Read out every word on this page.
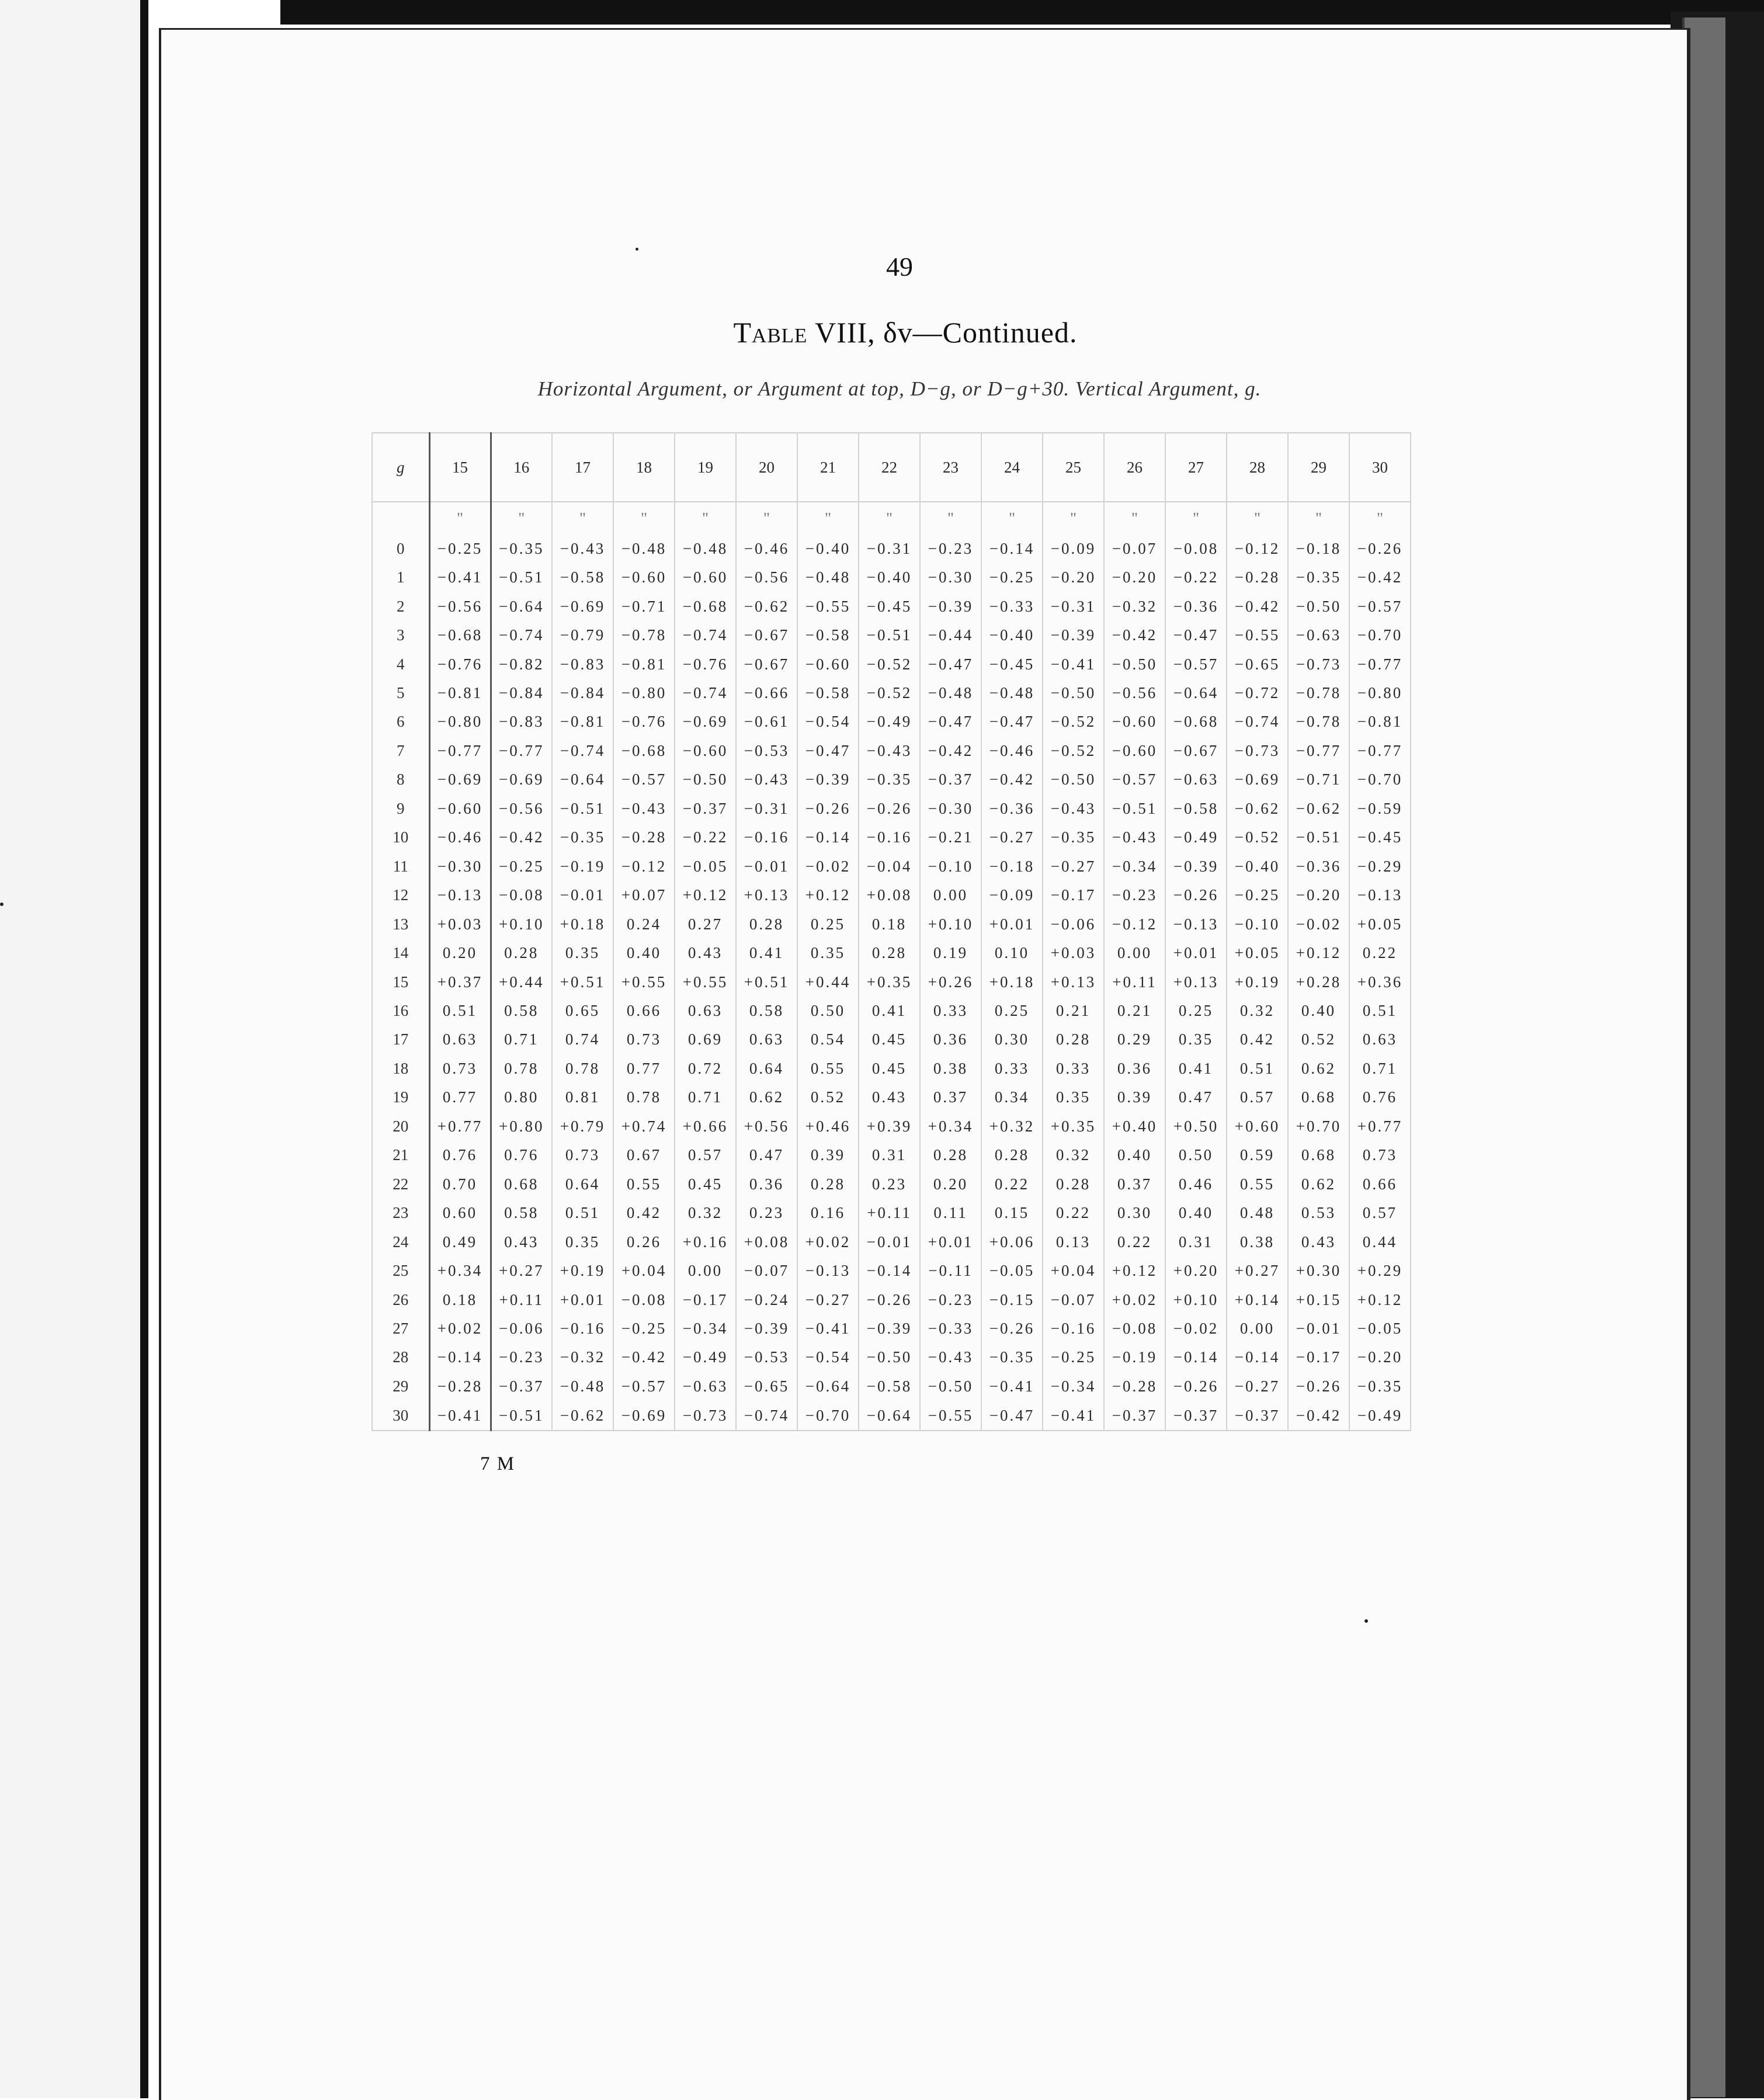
49
Table VIII, δv—Continued.
Horizontal Argument, or Argument at top, D−g, or D−g+30. Vertical Argument, g.
g	15	16	17	18	19	20	21	22	23	24	25	26	27	28	29	30
	"	"	"	"	"	"	"	"	"	"	"	"	"	"	"	"
0	−0.25	−0.35	−0.43	−0.48	−0.48	−0.46	−0.40	−0.31	−0.23	−0.14	−0.09	−0.07	−0.08	−0.12	−0.18	−0.26
1	−0.41	−0.51	−0.58	−0.60	−0.60	−0.56	−0.48	−0.40	−0.30	−0.25	−0.20	−0.20	−0.22	−0.28	−0.35	−0.42
2	−0.56	−0.64	−0.69	−0.71	−0.68	−0.62	−0.55	−0.45	−0.39	−0.33	−0.31	−0.32	−0.36	−0.42	−0.50	−0.57
3	−0.68	−0.74	−0.79	−0.78	−0.74	−0.67	−0.58	−0.51	−0.44	−0.40	−0.39	−0.42	−0.47	−0.55	−0.63	−0.70
4	−0.76	−0.82	−0.83	−0.81	−0.76	−0.67	−0.60	−0.52	−0.47	−0.45	−0.41	−0.50	−0.57	−0.65	−0.73	−0.77
5	−0.81	−0.84	−0.84	−0.80	−0.74	−0.66	−0.58	−0.52	−0.48	−0.48	−0.50	−0.56	−0.64	−0.72	−0.78	−0.80
6	−0.80	−0.83	−0.81	−0.76	−0.69	−0.61	−0.54	−0.49	−0.47	−0.47	−0.52	−0.60	−0.68	−0.74	−0.78	−0.81
7	−0.77	−0.77	−0.74	−0.68	−0.60	−0.53	−0.47	−0.43	−0.42	−0.46	−0.52	−0.60	−0.67	−0.73	−0.77	−0.77
8	−0.69	−0.69	−0.64	−0.57	−0.50	−0.43	−0.39	−0.35	−0.37	−0.42	−0.50	−0.57	−0.63	−0.69	−0.71	−0.70
9	−0.60	−0.56	−0.51	−0.43	−0.37	−0.31	−0.26	−0.26	−0.30	−0.36	−0.43	−0.51	−0.58	−0.62	−0.62	−0.59
10	−0.46	−0.42	−0.35	−0.28	−0.22	−0.16	−0.14	−0.16	−0.21	−0.27	−0.35	−0.43	−0.49	−0.52	−0.51	−0.45
11	−0.30	−0.25	−0.19	−0.12	−0.05	−0.01	−0.02	−0.04	−0.10	−0.18	−0.27	−0.34	−0.39	−0.40	−0.36	−0.29
12	−0.13	−0.08	−0.01	+0.07	+0.12	+0.13	+0.12	+0.08	0.00	−0.09	−0.17	−0.23	−0.26	−0.25	−0.20	−0.13
13	+0.03	+0.10	+0.18	0.24	0.27	0.28	0.25	0.18	+0.10	+0.01	−0.06	−0.12	−0.13	−0.10	−0.02	+0.05
14	0.20	0.28	0.35	0.40	0.43	0.41	0.35	0.28	0.19	0.10	+0.03	0.00	+0.01	+0.05	+0.12	0.22
15	+0.37	+0.44	+0.51	+0.55	+0.55	+0.51	+0.44	+0.35	+0.26	+0.18	+0.13	+0.11	+0.13	+0.19	+0.28	+0.36
16	0.51	0.58	0.65	0.66	0.63	0.58	0.50	0.41	0.33	0.25	0.21	0.21	0.25	0.32	0.40	0.51
17	0.63	0.71	0.74	0.73	0.69	0.63	0.54	0.45	0.36	0.30	0.28	0.29	0.35	0.42	0.52	0.63
18	0.73	0.78	0.78	0.77	0.72	0.64	0.55	0.45	0.38	0.33	0.33	0.36	0.41	0.51	0.62	0.71
19	0.77	0.80	0.81	0.78	0.71	0.62	0.52	0.43	0.37	0.34	0.35	0.39	0.47	0.57	0.68	0.76
20	+0.77	+0.80	+0.79	+0.74	+0.66	+0.56	+0.46	+0.39	+0.34	+0.32	+0.35	+0.40	+0.50	+0.60	+0.70	+0.77
21	0.76	0.76	0.73	0.67	0.57	0.47	0.39	0.31	0.28	0.28	0.32	0.40	0.50	0.59	0.68	0.73
22	0.70	0.68	0.64	0.55	0.45	0.36	0.28	0.23	0.20	0.22	0.28	0.37	0.46	0.55	0.62	0.66
23	0.60	0.58	0.51	0.42	0.32	0.23	0.16	+0.11	0.11	0.15	0.22	0.30	0.40	0.48	0.53	0.57
24	0.49	0.43	0.35	0.26	+0.16	+0.08	+0.02	−0.01	+0.01	+0.06	0.13	0.22	0.31	0.38	0.43	0.44
25	+0.34	+0.27	+0.19	+0.04	0.00	−0.07	−0.13	−0.14	−0.11	−0.05	+0.04	+0.12	+0.20	+0.27	+0.30	+0.29
26	0.18	+0.11	+0.01	−0.08	−0.17	−0.24	−0.27	−0.26	−0.23	−0.15	−0.07	+0.02	+0.10	+0.14	+0.15	+0.12
27	+0.02	−0.06	−0.16	−0.25	−0.34	−0.39	−0.41	−0.39	−0.33	−0.26	−0.16	−0.08	−0.02	0.00	−0.01	−0.05
28	−0.14	−0.23	−0.32	−0.42	−0.49	−0.53	−0.54	−0.50	−0.43	−0.35	−0.25	−0.19	−0.14	−0.14	−0.17	−0.20
29	−0.28	−0.37	−0.48	−0.57	−0.63	−0.65	−0.64	−0.58	−0.50	−0.41	−0.34	−0.28	−0.26	−0.27	−0.26	−0.35
30	−0.41	−0.51	−0.62	−0.69	−0.73	−0.74	−0.70	−0.64	−0.55	−0.47	−0.41	−0.37	−0.37	−0.37	−0.42	−0.49
7 M
